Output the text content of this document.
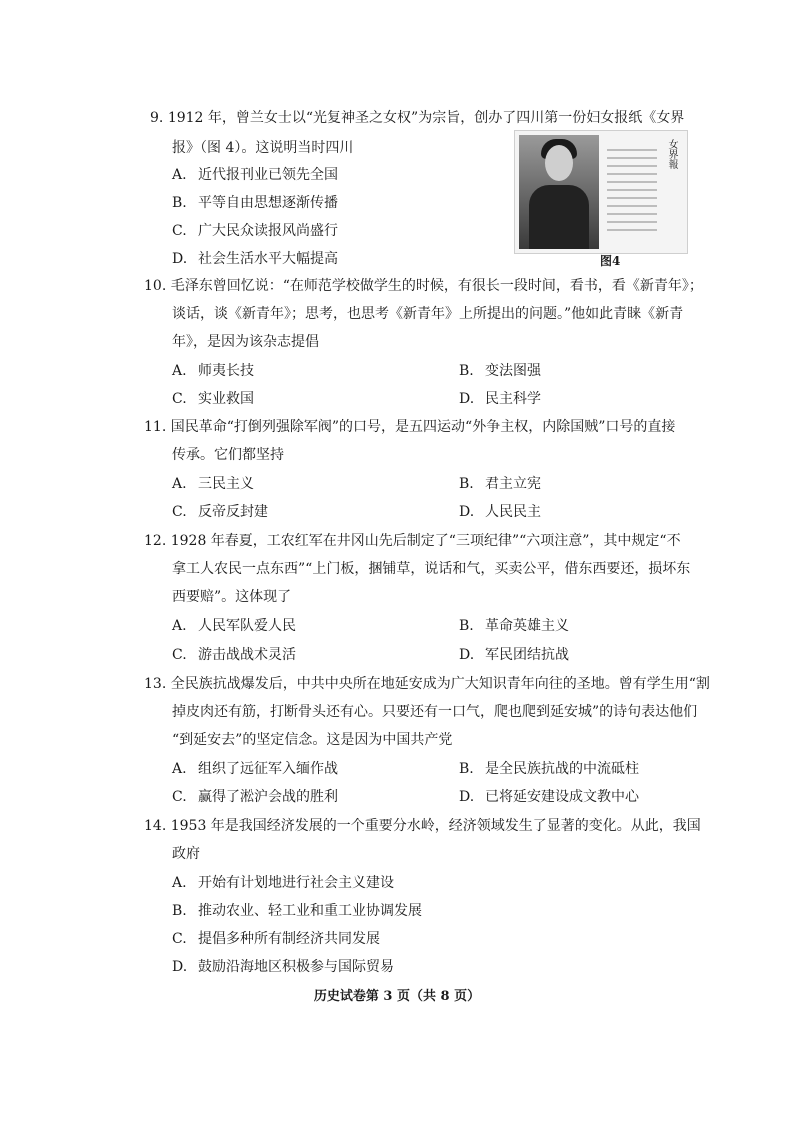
9. 1912 年，曾兰女士以“光复神圣之女权”为宗旨，创办了四川第一份妇女报纸《女界
报》（图 4）。这说明当时四川
A. 近代报刊业已领先全国
B. 平等自由思想逐渐传播
C. 广大民众读报风尚盛行
D. 社会生活水平大幅提高
女界報
图4
10. 毛泽东曾回忆说：“在师范学校做学生的时候，有很长一段时间，看书，看《新青年》；
谈话，谈《新青年》；思考，也思考《新青年》上所提出的问题。”他如此青睐《新青
年》，是因为该杂志提倡
A. 师夷长技	B. 变法图强
C. 实业救国	D. 民主科学
11. 国民革命“打倒列强除军阀”的口号，是五四运动“外争主权，内除国贼”口号的直接
传承。它们都坚持
A. 三民主义	B. 君主立宪
C. 反帝反封建	D. 人民民主
12. 1928 年春夏，工农红军在井冈山先后制定了“三项纪律”“六项注意”，其中规定“不
拿工人农民一点东西”“上门板，捆铺草，说话和气，买卖公平，借东西要还，损坏东
西要赔”。这体现了
A. 人民军队爱人民	B. 革命英雄主义
C. 游击战战术灵活	D. 军民团结抗战
13. 全民族抗战爆发后，中共中央所在地延安成为广大知识青年向往的圣地。曾有学生用“割
掉皮肉还有筋，打断骨头还有心。只要还有一口气，爬也爬到延安城”的诗句表达他们
“到延安去”的坚定信念。这是因为中国共产党
A. 组织了远征军入缅作战	B. 是全民族抗战的中流砥柱
C. 赢得了淞沪会战的胜利	D. 已将延安建设成文教中心
14. 1953 年是我国经济发展的一个重要分水岭，经济领域发生了显著的变化。从此，我国
政府
A. 开始有计划地进行社会主义建设
B. 推动农业、轻工业和重工业协调发展
C. 提倡多种所有制经济共同发展
D. 鼓励沿海地区积极参与国际贸易
历史试卷第 3 页（共 8 页）
